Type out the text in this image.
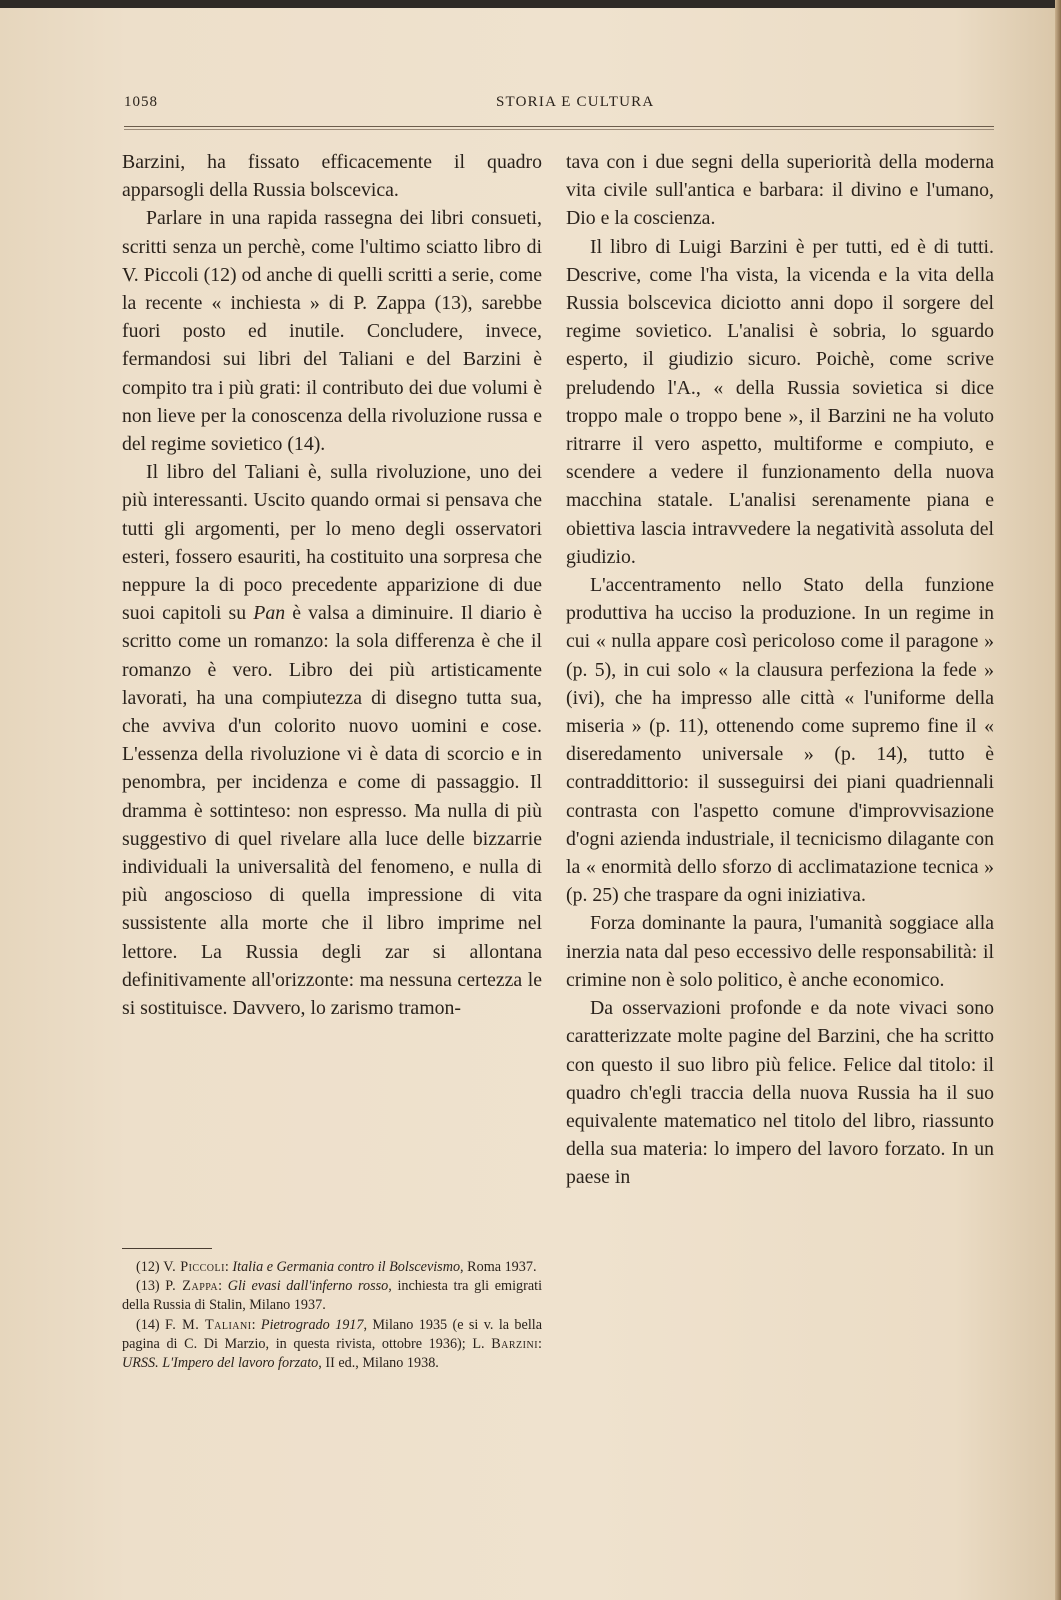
1058	STORIA E CULTURA

Barzini, ha fissato efficacemente il quadro apparsogli della Russia bolscevica.

Parlare in una rapida rassegna dei libri consueti, scritti senza un perchè, come l'ultimo sciatto libro di V. Piccoli (12) od anche di quelli scritti a serie, come la recente « inchiesta » di P. Zappa (13), sarebbe fuori posto ed inutile. Concludere, invece, fermandosi sui libri del Taliani e del Barzini è compito tra i più grati: il contributo dei due volumi è non lieve per la conoscenza della rivoluzione russa e del regime sovietico (14).

Il libro del Taliani è, sulla rivoluzione, uno dei più interessanti. Uscito quando ormai si pensava che tutti gli argomenti, per lo meno degli osservatori esteri, fossero esauriti, ha costituito una sorpresa che neppure la di poco precedente apparizione di due suoi capitoli su Pan è valsa a diminuire. Il diario è scritto come un romanzo: la sola differenza è che il romanzo è vero. Libro dei più artisticamente lavorati, ha una compiutezza di disegno tutta sua, che avviva d'un colorito nuovo uomini e cose. L'essenza della rivoluzione vi è data di scorcio e in penombra, per incidenza e come di passaggio. Il dramma è sottinteso: non espresso. Ma nulla di più suggestivo di quel rivelare alla luce delle bizzarrie individuali la universalità del fenomeno, e nulla di più angoscioso di quella impressione di vita sussistente alla morte che il libro imprime nel lettore. La Russia degli zar si allontana definitivamente all'orizzonte: ma nessuna certezza le si sostituisce. Davvero, lo zarismo tramon-

(12) V. Piccoli: Italia e Germania contro il Bolscevismo, Roma 1937.

(13) P. Zappa: Gli evasi dall'inferno rosso, inchiesta tra gli emigrati della Russia di Stalin, Milano 1937.

(14) F. M. Taliani: Pietrogrado 1917, Milano 1935 (e si v. la bella pagina di C. Di Marzio, in questa rivista, ottobre 1936); L. Barzini: URSS. L'Impero del lavoro forzato, II ed., Milano 1938.

tava con i due segni della superiorità della moderna vita civile sull'antica e barbara: il divino e l'umano, Dio e la coscienza.

Il libro di Luigi Barzini è per tutti, ed è di tutti. Descrive, come l'ha vista, la vicenda e la vita della Russia bolscevica diciotto anni dopo il sorgere del regime sovietico. L'analisi è sobria, lo sguardo esperto, il giudizio sicuro. Poichè, come scrive preludendo l'A., « della Russia sovietica si dice troppo male o troppo bene », il Barzini ne ha voluto ritrarre il vero aspetto, multiforme e compiuto, e scendere a vedere il funzionamento della nuova macchina statale. L'analisi serenamente piana e obiettiva lascia intravvedere la negatività assoluta del giudizio.

L'accentramento nello Stato della funzione produttiva ha ucciso la produzione. In un regime in cui « nulla appare così pericoloso come il paragone » (p. 5), in cui solo « la clausura perfeziona la fede » (ivi), che ha impresso alle città « l'uniforme della miseria » (p. 11), ottenendo come supremo fine il « diseredamento universale » (p. 14), tutto è contraddittorio: il susseguirsi dei piani quadriennali contrasta con l'aspetto comune d'improvvisazione d'ogni azienda industriale, il tecnicismo dilagante con la « enormità dello sforzo di acclimatazione tecnica » (p. 25) che traspare da ogni iniziativa.

Forza dominante la paura, l'umanità soggiace alla inerzia nata dal peso eccessivo delle responsabilità: il crimine non è solo politico, è anche economico.

Da osservazioni profonde e da note vivaci sono caratterizzate molte pagine del Barzini, che ha scritto con questo il suo libro più felice. Felice dal titolo: il quadro ch'egli traccia della nuova Russia ha il suo equivalente matematico nel titolo del libro, riassunto della sua materia: lo impero del lavoro forzato. In un paese in
